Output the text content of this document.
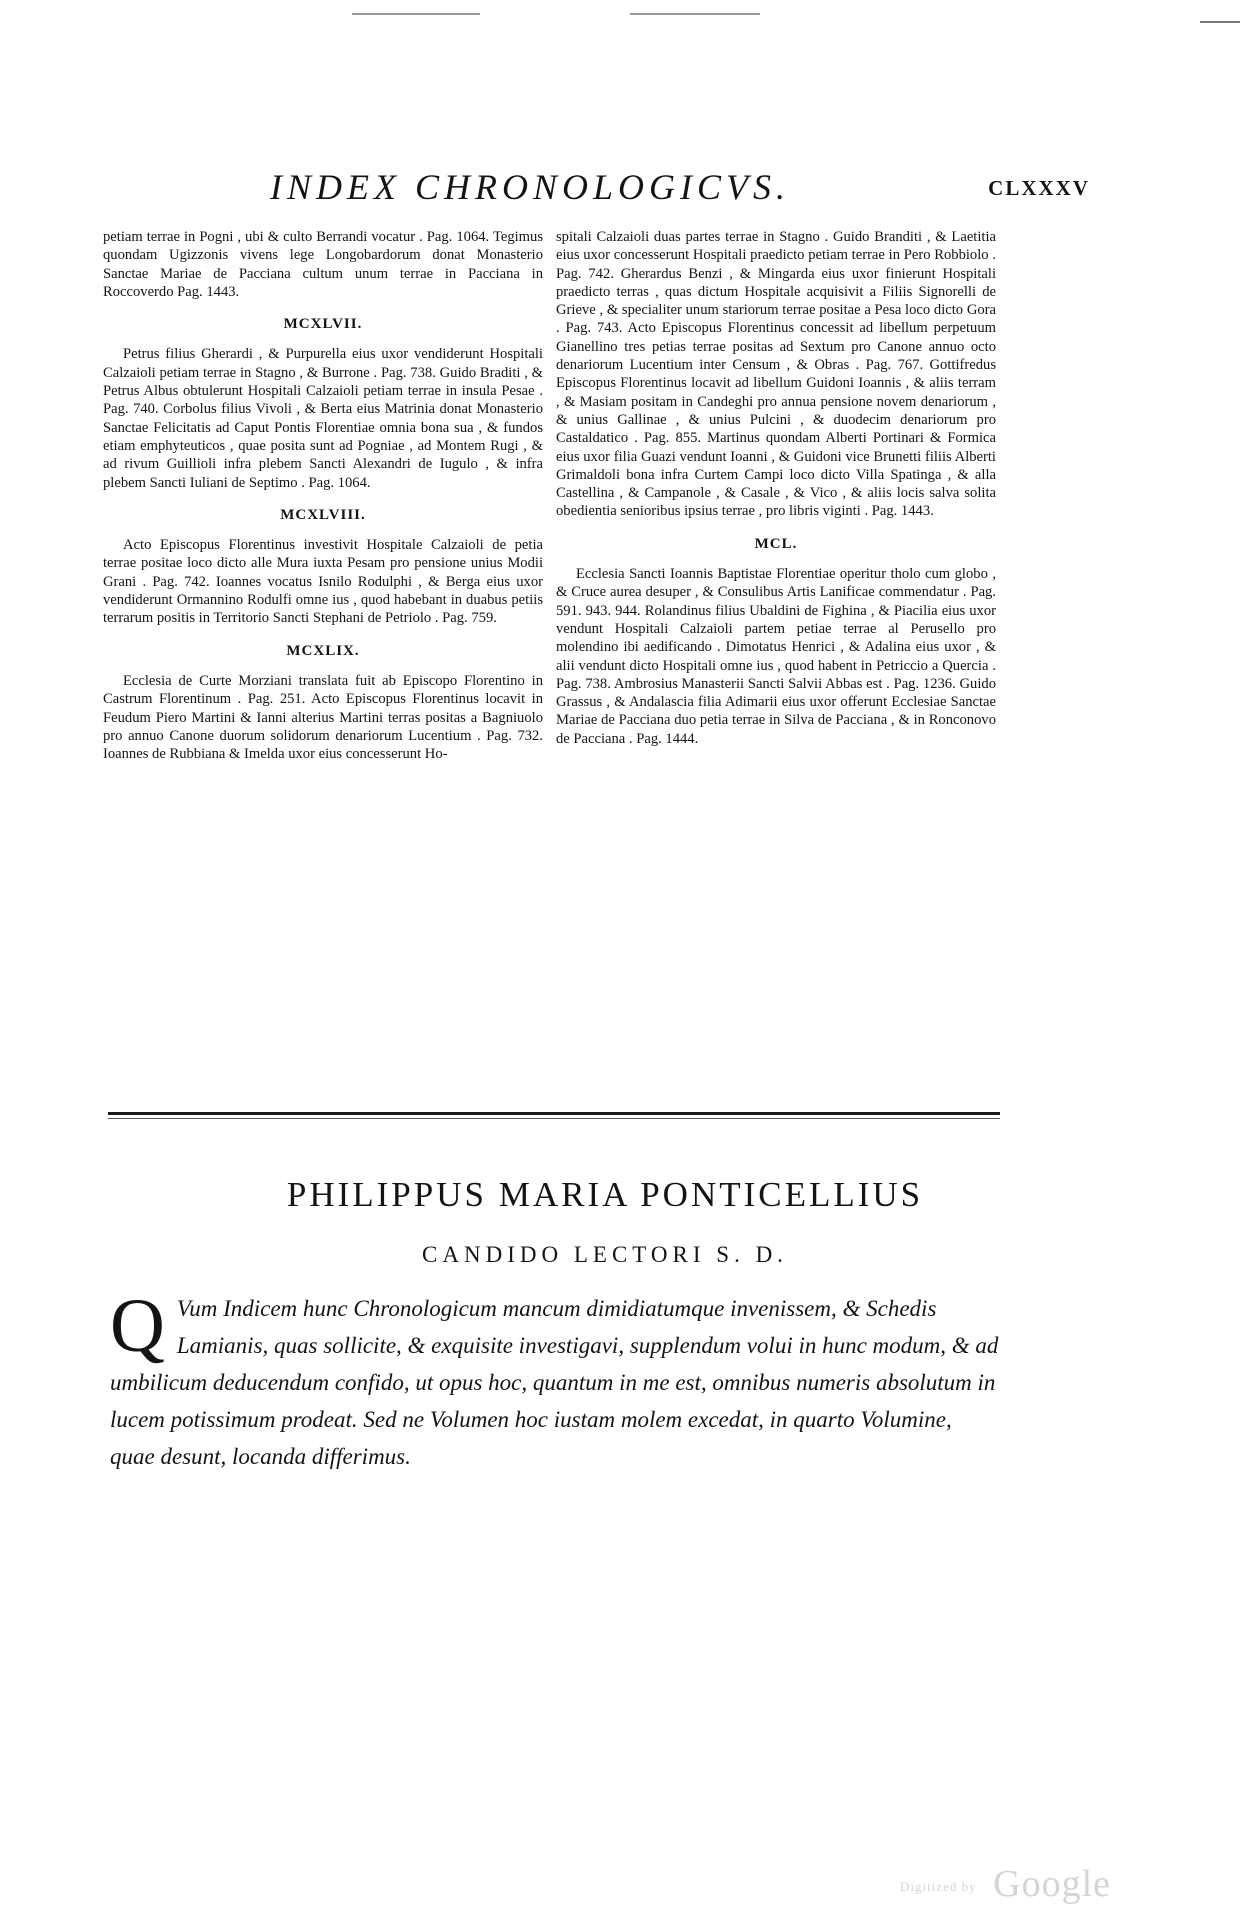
INDEX CHRONOLOGICVS.	CLXXXV

petiam terrae in Pogni , ubi & culto Berrandi vocatur . Pag. 1064. Tegimus quondam Ugizzonis vivens lege Longobardorum donat Monasterio Sanctae Mariae de Pacciana cultum unum terrae in Pacciana in Roccoverdo Pag. 1443.

MCXLVII.

Petrus filius Gherardi , & Purpurella eius uxor vendiderunt Hospitali Calzaioli petiam terrae in Stagno , & Burrone . Pag. 738. Guido Braditi , & Petrus Albus obtulerunt Hospitali Calzaioli petiam terrae in insula Pesae . Pag. 740. Corbolus filius Vivoli , & Berta eius Matrinia donat Monasterio Sanctae Felicitatis ad Caput Pontis Florentiae omnia bona sua , & fundos etiam emphyteuticos , quae posita sunt ad Pogniae , ad Montem Rugi , & ad rivum Guillioli infra plebem Sancti Alexandri de Iugulo , & infra plebem Sancti Iuliani de Septimo . Pag. 1064.

MCXLVIII.

Acto Episcopus Florentinus investivit Hospitale Calzaioli de petia terrae positae loco dicto alle Mura iuxta Pesam pro pensione unius Modii Grani . Pag. 742. Ioannes vocatus Isnilo Rodulphi , & Berga eius uxor vendiderunt Ormannino Rodulfi omne ius , quod habebant in duabus petiis terrarum positis in Territorio Sancti Stephani de Petriolo . Pag. 759.

MCXLIX.

Ecclesia de Curte Morziani translata fuit ab Episcopo Florentino in Castrum Florentinum . Pag. 251. Acto Episcopus Florentinus locavit in Feudum Piero Martini & Ianni alterius Martini terras positas a Bagniuolo pro annuo Canone duorum solidorum denariorum Lucentium . Pag. 732. Ioannes de Rubbiana & Imelda uxor eius concesserunt Ho-

spitali Calzaioli duas partes terrae in Stagno . Guido Branditi , & Laetitia eius uxor concesserunt Hospitali praedicto petiam terrae in Pero Robbiolo . Pag. 742. Gherardus Benzi , & Mingarda eius uxor finierunt Hospitali praedicto terras , quas dictum Hospitale acquisivit a Filiis Signorelli de Grieve , & specialiter unum stariorum terrae positae a Pesa loco dicto Gora . Pag. 743. Acto Episcopus Florentinus concessit ad libellum perpetuum Gianellino tres petias terrae positas ad Sextum pro Canone annuo octo denariorum Lucentium inter Censum , & Obras . Pag. 767. Gottifredus Episcopus Florentinus locavit ad libellum Guidoni Ioannis , & aliis terram , & Masiam positam in Candeghi pro annua pensione novem denariorum , & unius Gallinae , & unius Pulcini , & duodecim denariorum pro Castaldatico . Pag. 855. Martinus quondam Alberti Portinari & Formica eius uxor filia Guazi vendunt Ioanni , & Guidoni vice Brunetti filiis Alberti Grimaldoli bona infra Curtem Campi loco dicto Villa Spatinga , & alla Castellina , & Campanole , & Casale , & Vico , & aliis locis salva solita obedientia senioribus ipsius terrae , pro libris viginti . Pag. 1443.

MCL.

Ecclesia Sancti Ioannis Baptistae Florentiae operitur tholo cum globo , & Cruce aurea desuper , & Consulibus Artis Lanificae commendatur . Pag. 591. 943. 944. Rolandinus filius Ubaldini de Fighina , & Piacilia eius uxor vendunt Hospitali Calzaioli partem petiae terrae al Perusello pro molendino ibi aedificando . Dimotatus Henrici , & Adalina eius uxor , & alii vendunt dicto Hospitali omne ius , quod habent in Petriccio a Quercia . Pag. 738. Ambrosius Manasterii Sancti Salvii Abbas est . Pag. 1236. Guido Grassus , & Andalascia filia Adimarii eius uxor offerunt Ecclesiae Sanctae Mariae de Pacciana duo petia terrae in Silva de Pacciana , & in Ronconovo de Pacciana . Pag. 1444.

PHILIPPUS MARIA PONTICELLIUS
CANDIDO LECTORI S. D.
Q Vum Indicem hunc Chronologicum mancum dimidiatumque invenissem, & Schedis Lamianis, quas sollicite, & exquisite investigavi, supplendum volui in hunc modum, & ad umbilicum deducendum confido, ut opus hoc, quantum in me est, omnibus numeris absolutum in lucem potissimum prodeat. Sed ne Volumen hoc iustam molem excedat, in quarto Volumine, quae desunt, locanda differimus.
Digitized by Google
